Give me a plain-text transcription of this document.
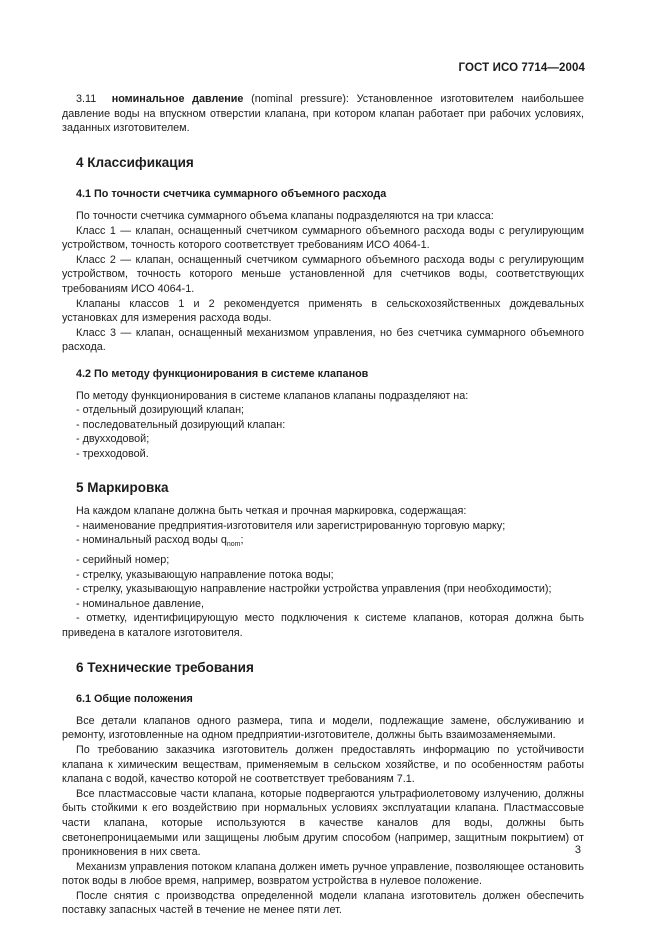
ГОСТ ИСО 7714—2004

3.11 номинальное давление (nominal pressure): Установленное изготовителем наибольшее давление воды на впускном отверстии клапана, при котором клапан работает при рабочих условиях, заданных изготовителем.

4 Классификация
4.1 По точности счетчика суммарного объемного расхода

По точности счетчика суммарного объема клапаны подразделяются на три класса:

Класс 1 — клапан, оснащенный счетчиком суммарного объемного расхода воды с регулирующим устройством, точность которого соответствует требованиям ИСО 4064-1.

Класс 2 — клапан, оснащенный счетчиком суммарного объемного расхода воды с регулирующим устройством, точность которого меньше установленной для счетчиков воды, соответствующих требованиям ИСО 4064-1.

Клапаны классов 1 и 2 рекомендуется применять в сельскохозяйственных дождевальных установках для измерения расхода воды.

Класс 3 — клапан, оснащенный механизмом управления, но без счетчика суммарного объемного расхода.

4.2 По методу функционирования в системе клапанов

По методу функционирования в системе клапанов клапаны подразделяют на:

- отдельный дозирующий клапан;

- последовательный дозирующий клапан:

- двухходовой;

- трехходовой.

5 Маркировка

На каждом клапане должна быть четкая и прочная маркировка, содержащая:

- наименование предприятия-изготовителя или зарегистрированную торговую марку;

- номинальный расход воды $q_{nom}$;

- серийный номер;

- стрелку, указывающую направление потока воды;

- стрелку, указывающую направление настройки устройства управления (при необходимости);

- номинальное давление,

- отметку, идентифицирующую место подключения к системе клапанов, которая должна быть приведена в каталоге изготовителя.

6 Технические требования
6.1 Общие положения

Все детали клапанов одного размера, типа и модели, подлежащие замене, обслуживанию и ремонту, изготовленные на одном предприятии-изготовителе, должны быть взаимозаменяемыми.

По требованию заказчика изготовитель должен предоставлять информацию по устойчивости клапана к химическим веществам, применяемым в сельском хозяйстве, и по особенностям работы клапана с водой, качество которой не соответствует требованиям 7.1.

Все пластмассовые части клапана, которые подвергаются ультрафиолетовому излучению, должны быть стойкими к его воздействию при нормальных условиях эксплуатации клапана. Пластмассовые части клапана, которые используются в качестве каналов для воды, должны быть светонепроницаемыми или защищены любым другим способом (например, защитным покрытием) от проникновения в них света.

Механизм управления потоком клапана должен иметь ручное управление, позволяющее остановить поток воды в любое время, например, возвратом устройства в нулевое положение.

После снятия с производства определенной модели клапана изготовитель должен обеспечить поставку запасных частей в течение не менее пяти лет.

3
